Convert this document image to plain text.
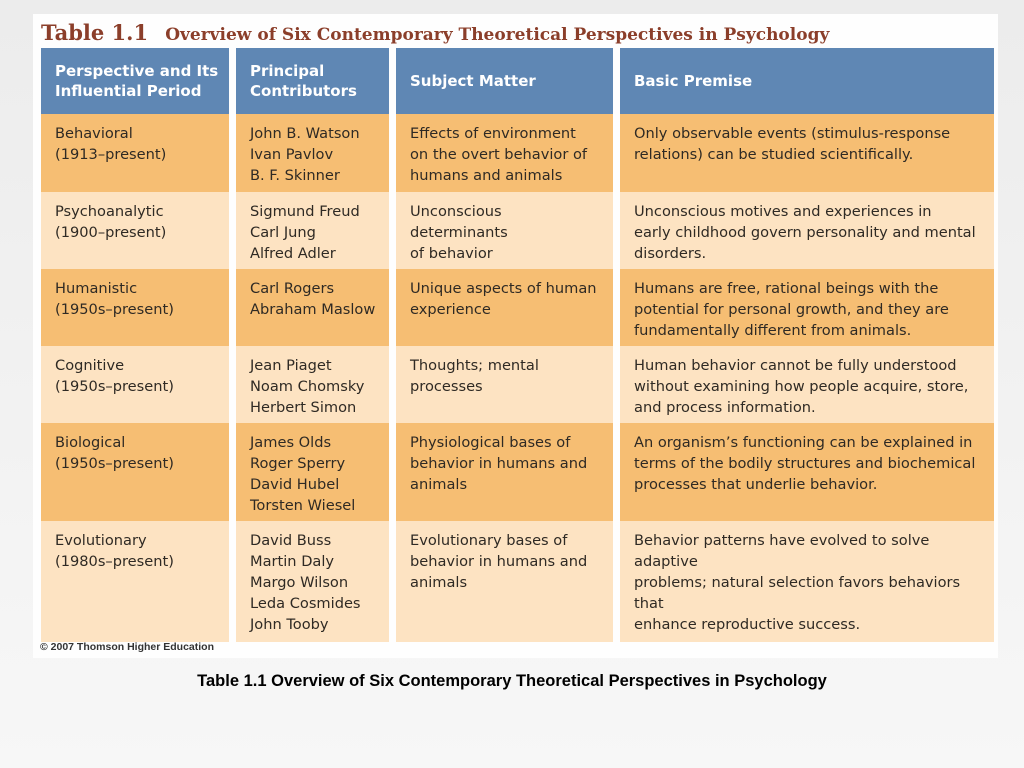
Table 1.1 Overview of Six Contemporary Theoretical Perspectives in Psychology
Perspective and Its
Influential Period
Behavioral
(1913–present)
Psychoanalytic
(1900–present)
Humanistic
(1950s–present)
Cognitive
(1950s–present)
Biological
(1950s–present)
Evolutionary
(1980s–present)
Principal
Contributors
John B. Watson
Ivan Pavlov
B. F. Skinner
Sigmund Freud
Carl Jung
Alfred Adler
Carl Rogers
Abraham Maslow
Jean Piaget
Noam Chomsky
Herbert Simon
James Olds
Roger Sperry
David Hubel
Torsten Wiesel
David Buss
Martin Daly
Margo Wilson
Leda Cosmides
John Tooby
Subject Matter
Effects of environment
on the overt behavior of
humans and animals
Unconscious determinants
of behavior
Unique aspects of human
experience
Thoughts; mental
processes
Physiological bases of
behavior in humans and
animals
Evolutionary bases of
behavior in humans and
animals
Basic Premise
Only observable events (stimulus-response
relations) can be studied scientifically.
Unconscious motives and experiences in
early childhood govern personality and mental
disorders.
Humans are free, rational beings with the
potential for personal growth, and they are
fundamentally different from animals.
Human behavior cannot be fully understood
without examining how people acquire, store,
and process information.
An organism’s functioning can be explained in
terms of the bodily structures and biochemical
processes that underlie behavior.
Behavior patterns have evolved to solve adaptive
problems; natural selection favors behaviors that
enhance reproductive success.
© 2007 Thomson Higher Education
Table 1.1 Overview of Six Contemporary Theoretical Perspectives in Psychology
